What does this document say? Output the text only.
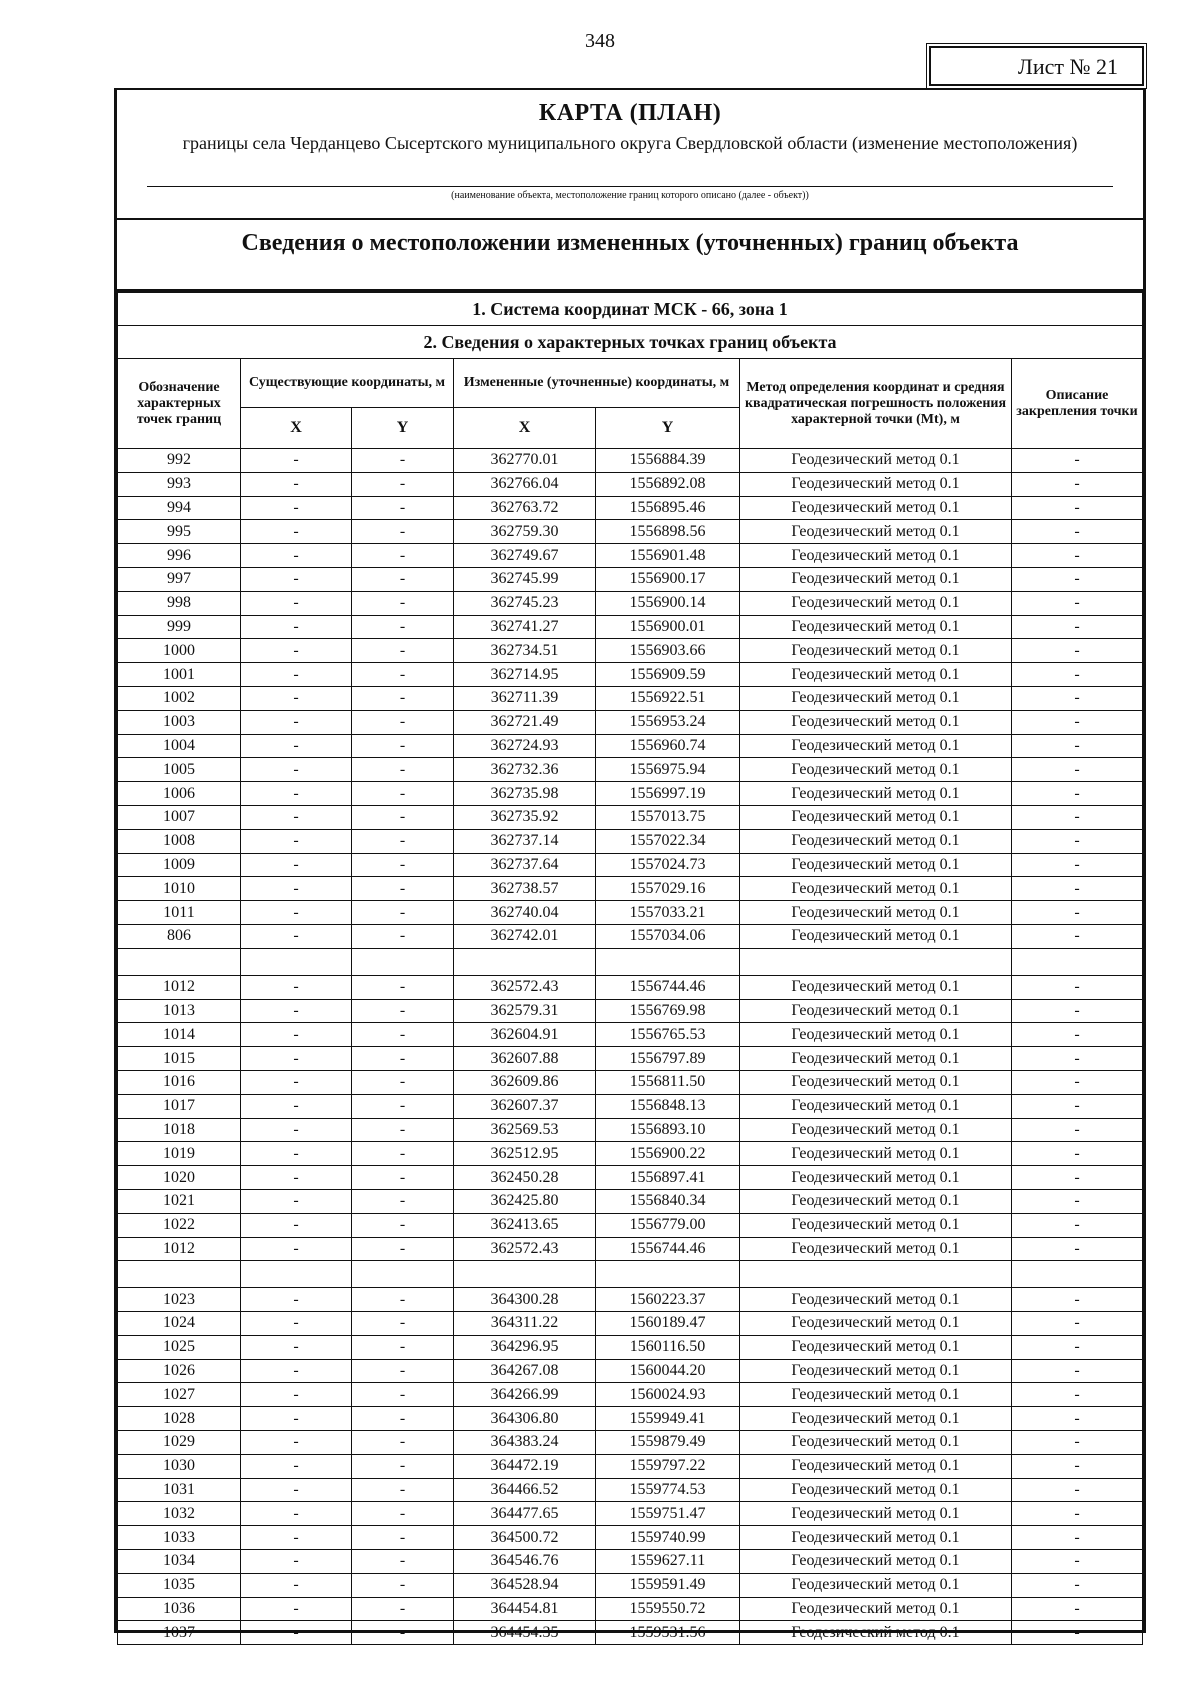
348
Лист № 21
КАРТА (ПЛАН)
границы села Черданцево Сысертского муниципального округа Свердловской области (изменение местоположения)
(наименование объекта, местоположение границ которого описано (далее - объект))
Сведения о местоположении измененных (уточненных) границ объекта
1. Система координат МСК - 66, зона 1						
2. Сведения о характерных точках границ объекта						
Обозначение характерных точек границ	Существующие координаты, м		Измененные (уточненные) координаты, м		Метод определения координат и средняя квадратическая погрешность положения характерной точки (Mt), м	Описание закрепления точки
	X	Y	X	Y		
992	-	-	362770.01	1556884.39	Геодезический метод 0.1	-
993	-	-	362766.04	1556892.08	Геодезический метод 0.1	-
994	-	-	362763.72	1556895.46	Геодезический метод 0.1	-
995	-	-	362759.30	1556898.56	Геодезический метод 0.1	-
996	-	-	362749.67	1556901.48	Геодезический метод 0.1	-
997	-	-	362745.99	1556900.17	Геодезический метод 0.1	-
998	-	-	362745.23	1556900.14	Геодезический метод 0.1	-
999	-	-	362741.27	1556900.01	Геодезический метод 0.1	-
1000	-	-	362734.51	1556903.66	Геодезический метод 0.1	-
1001	-	-	362714.95	1556909.59	Геодезический метод 0.1	-
1002	-	-	362711.39	1556922.51	Геодезический метод 0.1	-
1003	-	-	362721.49	1556953.24	Геодезический метод 0.1	-
1004	-	-	362724.93	1556960.74	Геодезический метод 0.1	-
1005	-	-	362732.36	1556975.94	Геодезический метод 0.1	-
1006	-	-	362735.98	1556997.19	Геодезический метод 0.1	-
1007	-	-	362735.92	1557013.75	Геодезический метод 0.1	-
1008	-	-	362737.14	1557022.34	Геодезический метод 0.1	-
1009	-	-	362737.64	1557024.73	Геодезический метод 0.1	-
1010	-	-	362738.57	1557029.16	Геодезический метод 0.1	-
1011	-	-	362740.04	1557033.21	Геодезический метод 0.1	-
806	-	-	362742.01	1557034.06	Геодезический метод 0.1	-

1012	-	-	362572.43	1556744.46	Геодезический метод 0.1	-
1013	-	-	362579.31	1556769.98	Геодезический метод 0.1	-
1014	-	-	362604.91	1556765.53	Геодезический метод 0.1	-
1015	-	-	362607.88	1556797.89	Геодезический метод 0.1	-
1016	-	-	362609.86	1556811.50	Геодезический метод 0.1	-
1017	-	-	362607.37	1556848.13	Геодезический метод 0.1	-
1018	-	-	362569.53	1556893.10	Геодезический метод 0.1	-
1019	-	-	362512.95	1556900.22	Геодезический метод 0.1	-
1020	-	-	362450.28	1556897.41	Геодезический метод 0.1	-
1021	-	-	362425.80	1556840.34	Геодезический метод 0.1	-
1022	-	-	362413.65	1556779.00	Геодезический метод 0.1	-
1012	-	-	362572.43	1556744.46	Геодезический метод 0.1	-

1023	-	-	364300.28	1560223.37	Геодезический метод 0.1	-
1024	-	-	364311.22	1560189.47	Геодезический метод 0.1	-
1025	-	-	364296.95	1560116.50	Геодезический метод 0.1	-
1026	-	-	364267.08	1560044.20	Геодезический метод 0.1	-
1027	-	-	364266.99	1560024.93	Геодезический метод 0.1	-
1028	-	-	364306.80	1559949.41	Геодезический метод 0.1	-
1029	-	-	364383.24	1559879.49	Геодезический метод 0.1	-
1030	-	-	364472.19	1559797.22	Геодезический метод 0.1	-
1031	-	-	364466.52	1559774.53	Геодезический метод 0.1	-
1032	-	-	364477.65	1559751.47	Геодезический метод 0.1	-
1033	-	-	364500.72	1559740.99	Геодезический метод 0.1	-
1034	-	-	364546.76	1559627.11	Геодезический метод 0.1	-
1035	-	-	364528.94	1559591.49	Геодезический метод 0.1	-
1036	-	-	364454.81	1559550.72	Геодезический метод 0.1	-
1037	-	-	364454.35	1559531.56	Геодезический метод 0.1	-
